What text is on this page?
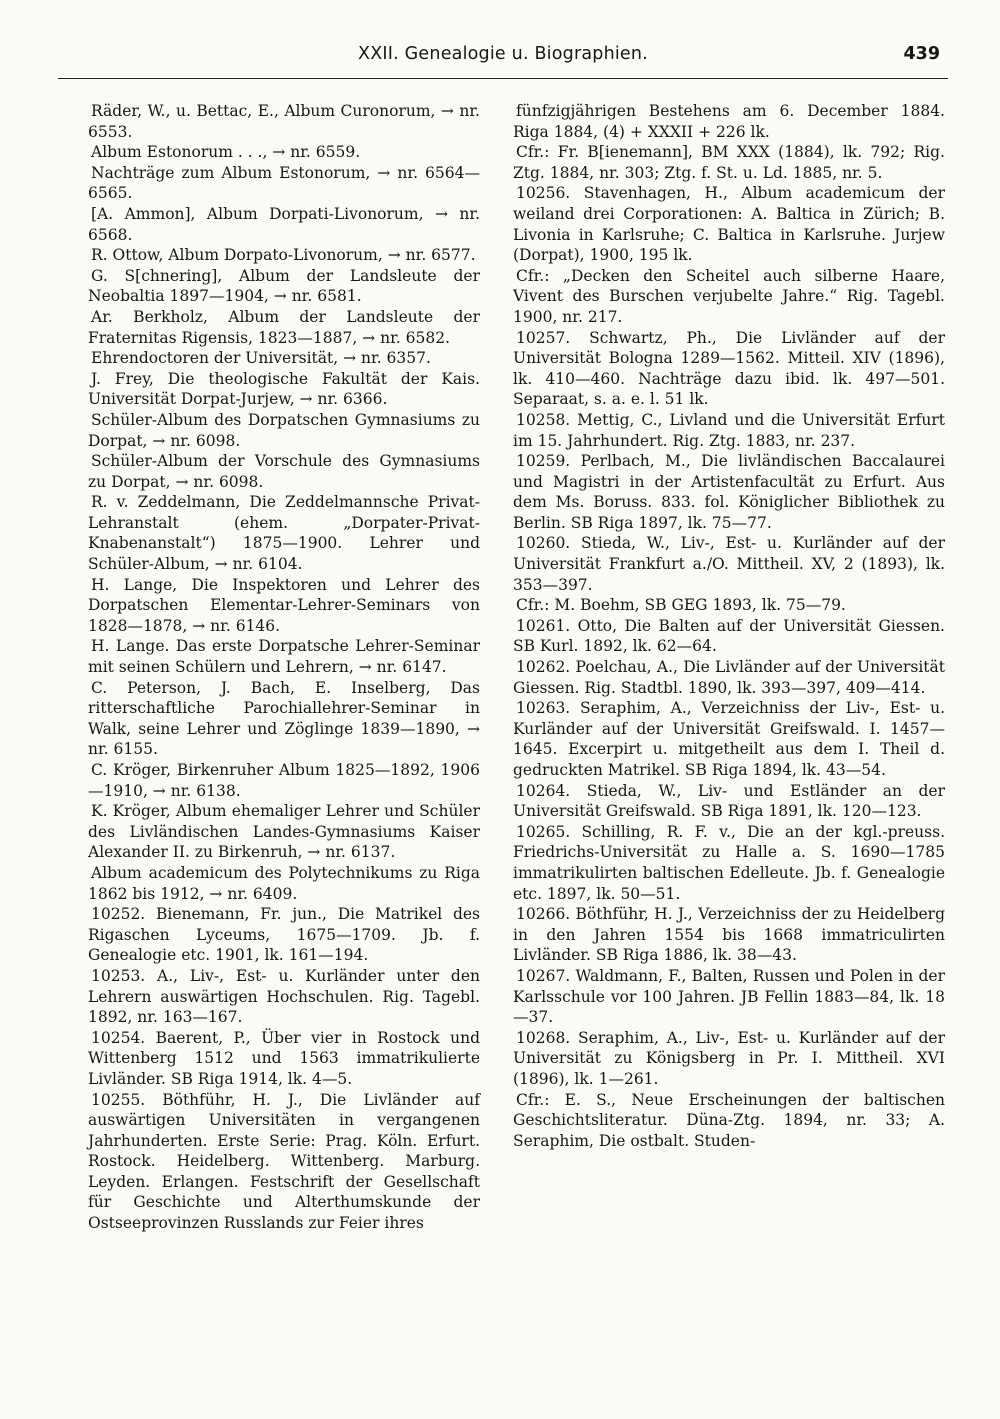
XXII. Genealogie u. Biographien.	439

Räder, W., u. Bettac, E., Album Curonorum, → nr. 6553.

Album Estonorum . . ., → nr. 6559.

Nachträge zum Album Estonorum, → nr. 6564—6565.

[A. Ammon], Album Dorpati-Livonorum, → nr. 6568.

R. Ottow, Album Dorpato-Livonorum, → nr. 6577.

G. S[chnering], Album der Landsleute der Neobaltia 1897—1904, → nr. 6581.

Ar. Berkholz, Album der Landsleute der Fraternitas Rigensis, 1823—1887, → nr. 6582.

Ehrendoctoren der Universität, → nr. 6357.

J. Frey, Die theologische Fakultät der Kais. Universität Dorpat-Jurjew, → nr. 6366.

Schüler-Album des Dorpatschen Gymnasiums zu Dorpat, → nr. 6098.

Schüler-Album der Vorschule des Gymnasiums zu Dorpat, → nr. 6098.

R. v. Zeddelmann, Die Zeddelmannsche Privat-Lehranstalt (ehem. „Dorpater-Privat-Knabenanstalt“) 1875—1900. Lehrer und Schüler-Album, → nr. 6104.

H. Lange, Die Inspektoren und Lehrer des Dorpatschen Elementar-Lehrer-Seminars von 1828—1878, → nr. 6146.

H. Lange. Das erste Dorpatsche Lehrer-Seminar mit seinen Schülern und Lehrern, → nr. 6147.

C. Peterson, J. Bach, E. Inselberg, Das ritterschaftliche Parochiallehrer-Seminar in Walk, seine Lehrer und Zöglinge 1839—1890, → nr. 6155.

C. Kröger, Birkenruher Album 1825—1892, 1906—1910, → nr. 6138.

K. Kröger, Album ehemaliger Lehrer und Schüler des Livländischen Landes-Gymnasiums Kaiser Alexander II. zu Birkenruh, → nr. 6137.

Album academicum des Polytechnikums zu Riga 1862 bis 1912, → nr. 6409.

10252. Bienemann, Fr. jun., Die Matrikel des Rigaschen Lyceums, 1675—1709. Jb. f. Genealogie etc. 1901, lk. 161—194.

10253. A., Liv-, Est- u. Kurländer unter den Lehrern auswärtigen Hochschulen. Rig. Tagebl. 1892, nr. 163—167.

10254. Baerent, P., Über vier in Rostock und Wittenberg 1512 und 1563 immatrikulierte Livländer. SB Riga 1914, lk. 4—5.

10255. Böthführ, H. J., Die Livländer auf auswärtigen Universitäten in vergangenen Jahrhunderten. Erste Serie: Prag. Köln. Erfurt. Rostock. Heidelberg. Wittenberg. Marburg. Leyden. Erlangen. Festschrift der Gesellschaft für Geschichte und Alterthumskunde der Ostseeprovinzen Russlands zur Feier ihres

fünfzigjährigen Bestehens am 6. December 1884. Riga 1884, (4) + XXXII + 226 lk.

Cfr.: Fr. B[ienemann], BM XXX (1884), lk. 792; Rig. Ztg. 1884, nr. 303; Ztg. f. St. u. Ld. 1885, nr. 5.

10256. Stavenhagen, H., Album academicum der weiland drei Corporationen: A. Baltica in Zürich; B. Livonia in Karlsruhe; C. Baltica in Karlsruhe. Jurjew (Dorpat), 1900, 195 lk.

Cfr.: „Decken den Scheitel auch silberne Haare, Vivent des Burschen verjubelte Jahre.“ Rig. Tagebl. 1900, nr. 217.

10257. Schwartz, Ph., Die Livländer auf der Universität Bologna 1289—1562. Mitteil. XIV (1896), lk. 410—460. Nachträge dazu ibid. lk. 497—501. Separaat, s. a. e. l. 51 lk.

10258. Mettig, C., Livland und die Universität Erfurt im 15. Jahrhundert. Rig. Ztg. 1883, nr. 237.

10259. Perlbach, M., Die livländischen Baccalaurei und Magistri in der Artistenfacultät zu Erfurt. Aus dem Ms. Boruss. 833. fol. Königlicher Bibliothek zu Berlin. SB Riga 1897, lk. 75—77.

10260. Stieda, W., Liv-, Est- u. Kurländer auf der Universität Frankfurt a./O. Mittheil. XV, 2 (1893), lk. 353—397.

Cfr.: M. Boehm, SB GEG 1893, lk. 75—79.

10261. Otto, Die Balten auf der Universität Giessen. SB Kurl. 1892, lk. 62—64.

10262. Poelchau, A., Die Livländer auf der Universität Giessen. Rig. Stadtbl. 1890, lk. 393—397, 409—414.

10263. Seraphim, A., Verzeichniss der Liv-, Est- u. Kurländer auf der Universität Greifswald. I. 1457—1645. Excerpirt u. mitgetheilt aus dem I. Theil d. gedruckten Matrikel. SB Riga 1894, lk. 43—54.

10264. Stieda, W., Liv- und Estländer an der Universität Greifswald. SB Riga 1891, lk. 120—123.

10265. Schilling, R. F. v., Die an der kgl.-preuss. Friedrichs-Universität zu Halle a. S. 1690—1785 immatrikulirten baltischen Edelleute. Jb. f. Genealogie etc. 1897, lk. 50—51.

10266. Böthführ, H. J., Verzeichniss der zu Heidelberg in den Jahren 1554 bis 1668 immatriculirten Livländer. SB Riga 1886, lk. 38—43.

10267. Waldmann, F., Balten, Russen und Polen in der Karlsschule vor 100 Jahren. JB Fellin 1883—84, lk. 18—37.

10268. Seraphim, A., Liv-, Est- u. Kurländer auf der Universität zu Königsberg in Pr. I. Mittheil. XVI (1896), lk. 1—261.

Cfr.: E. S., Neue Erscheinungen der baltischen Geschichtsliteratur. Düna-Ztg. 1894, nr. 33; A. Seraphim, Die ostbalt. Studen-
